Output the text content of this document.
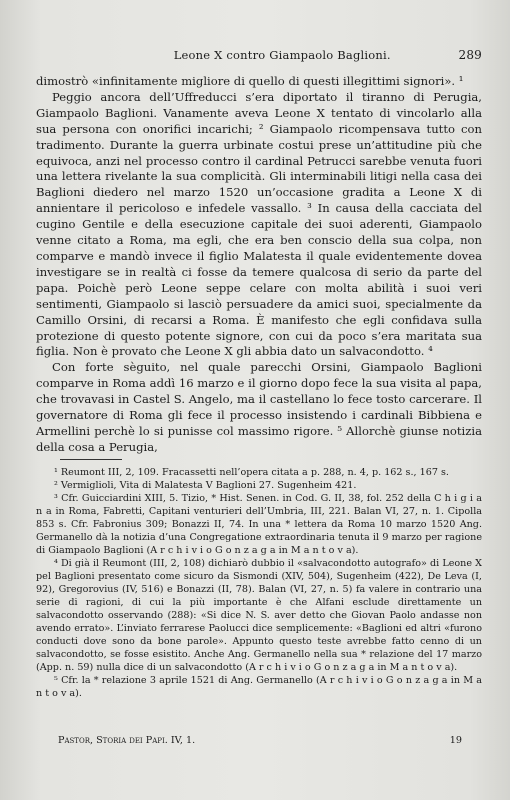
Leone X contro Giampaolo Baglioni.	289

dimostrò «infinitamente migliore di quello di questi illegittimi signori». ¹

Peggio ancora dell’Uffreducci s’era diportato il tiranno di Perugia, Giampaolo Baglioni. Vanamente aveva Leone X tentato di vincolarlo alla sua persona con onorifici incarichi; ² Giampaolo ricompensava tutto con tradimento. Durante la guerra urbinate costui prese un’attitudine più che equivoca, anzi nel processo contro il cardinal Petrucci sarebbe venuta fuori una lettera rivelante la sua complicità. Gli interminabili litigi nella casa dei Baglioni diedero nel marzo 1520 un’occasione gradita a Leone X di annientare il pericoloso e infedele vassallo. ³ In causa della cacciata del cugino Gentile e della esecuzione capitale dei suoi aderenti, Giampaolo venne citato a Roma, ma egli, che era ben conscio della sua colpa, non comparve e mandò invece il figlio Malatesta il quale evidentemente dovea investigare se in realtà ci fosse da temere qualcosa di serio da parte del papa. Poichè però Leone seppe celare con molta abilità i suoi veri sentimenti, Giampaolo si lasciò persuadere da amici suoi, specialmente da Camillo Orsini, di recarsi a Roma. È manifesto che egli confidava sulla protezione di questo potente signore, con cui da poco s’era maritata sua figlia. Non è provato che Leone X gli abbia dato un salvacondotto. ⁴

Con forte sèguito, nel quale parecchi Orsini, Giampaolo Baglioni comparve in Roma addì 16 marzo e il giorno dopo fece la sua visita al papa, che trovavasi in Castel S. Angelo, ma il castellano lo fece tosto carcerare. Il governatore di Roma gli fece il processo insistendo i cardinali Bibbiena e Armellini perchè lo si punisse col massimo rigore. ⁵ Allorchè giunse notizia della cosa a Perugia,

¹ Reumont III, 2, 109. Fracassetti nell’opera citata a p. 288, n. 4, p. 162 s., 167 s.

² Vermiglioli, Vita di Malatesta V Baglioni 27. Sugenheim 421.

³ Cfr. Guicciardini XIII, 5. Tizio, * Hist. Senen. in Cod. G. II, 38, fol. 252 della C h i g i a n a in Roma, Fabretti, Capitani venturieri dell’Umbria, III, 221. Balan VI, 27, n. 1. Cipolla 853 s. Cfr. Fabronius 309; Bonazzi II, 74. In una * lettera da Roma 10 marzo 1520 Ang. Germanello dà la notizia d’una Congregatione extraordinaria tenuta il 9 marzo per ragione di Giampaolo Baglioni (A r c h i v i o G o n z a g a in M a n t o v a).

⁴ Di già il Reumont (III, 2, 108) dichiarò dubbio il «salvacondotto autografo» di Leone X pel Baglioni presentato come sicuro da Sismondi (XIV, 504), Sugenheim (422), De Leva (I, 92), Gregorovius (IV, 516) e Bonazzi (II, 78). Balan (VI, 27, n. 5) fa valere in contrario una serie di ragioni, di cui la più importante è che Alfani esclude direttamente un salvacondotto osservando (288): «Si dice N. S. aver detto che Giovan Paolo andasse non avendo errato». L’inviato ferrarese Paolucci dice semplicemente: «Baglioni ed altri «furono conducti dove sono da bone parole». Appunto questo teste avrebbe fatto cenno di un salvacondotto, se fosse esistito. Anche Ang. Germanello nella sua * relazione del 17 marzo (App. n. 59) nulla dice di un salvacondotto (A r c h i v i o G o n z a g a in M a n t o v a).

⁵ Cfr. la * relazione 3 aprile 1521 di Ang. Germanello (A r c h i v i o G o n z a g a in M a n t o v a).

Pastor, Storia dei Papi. IV, 1.	19
